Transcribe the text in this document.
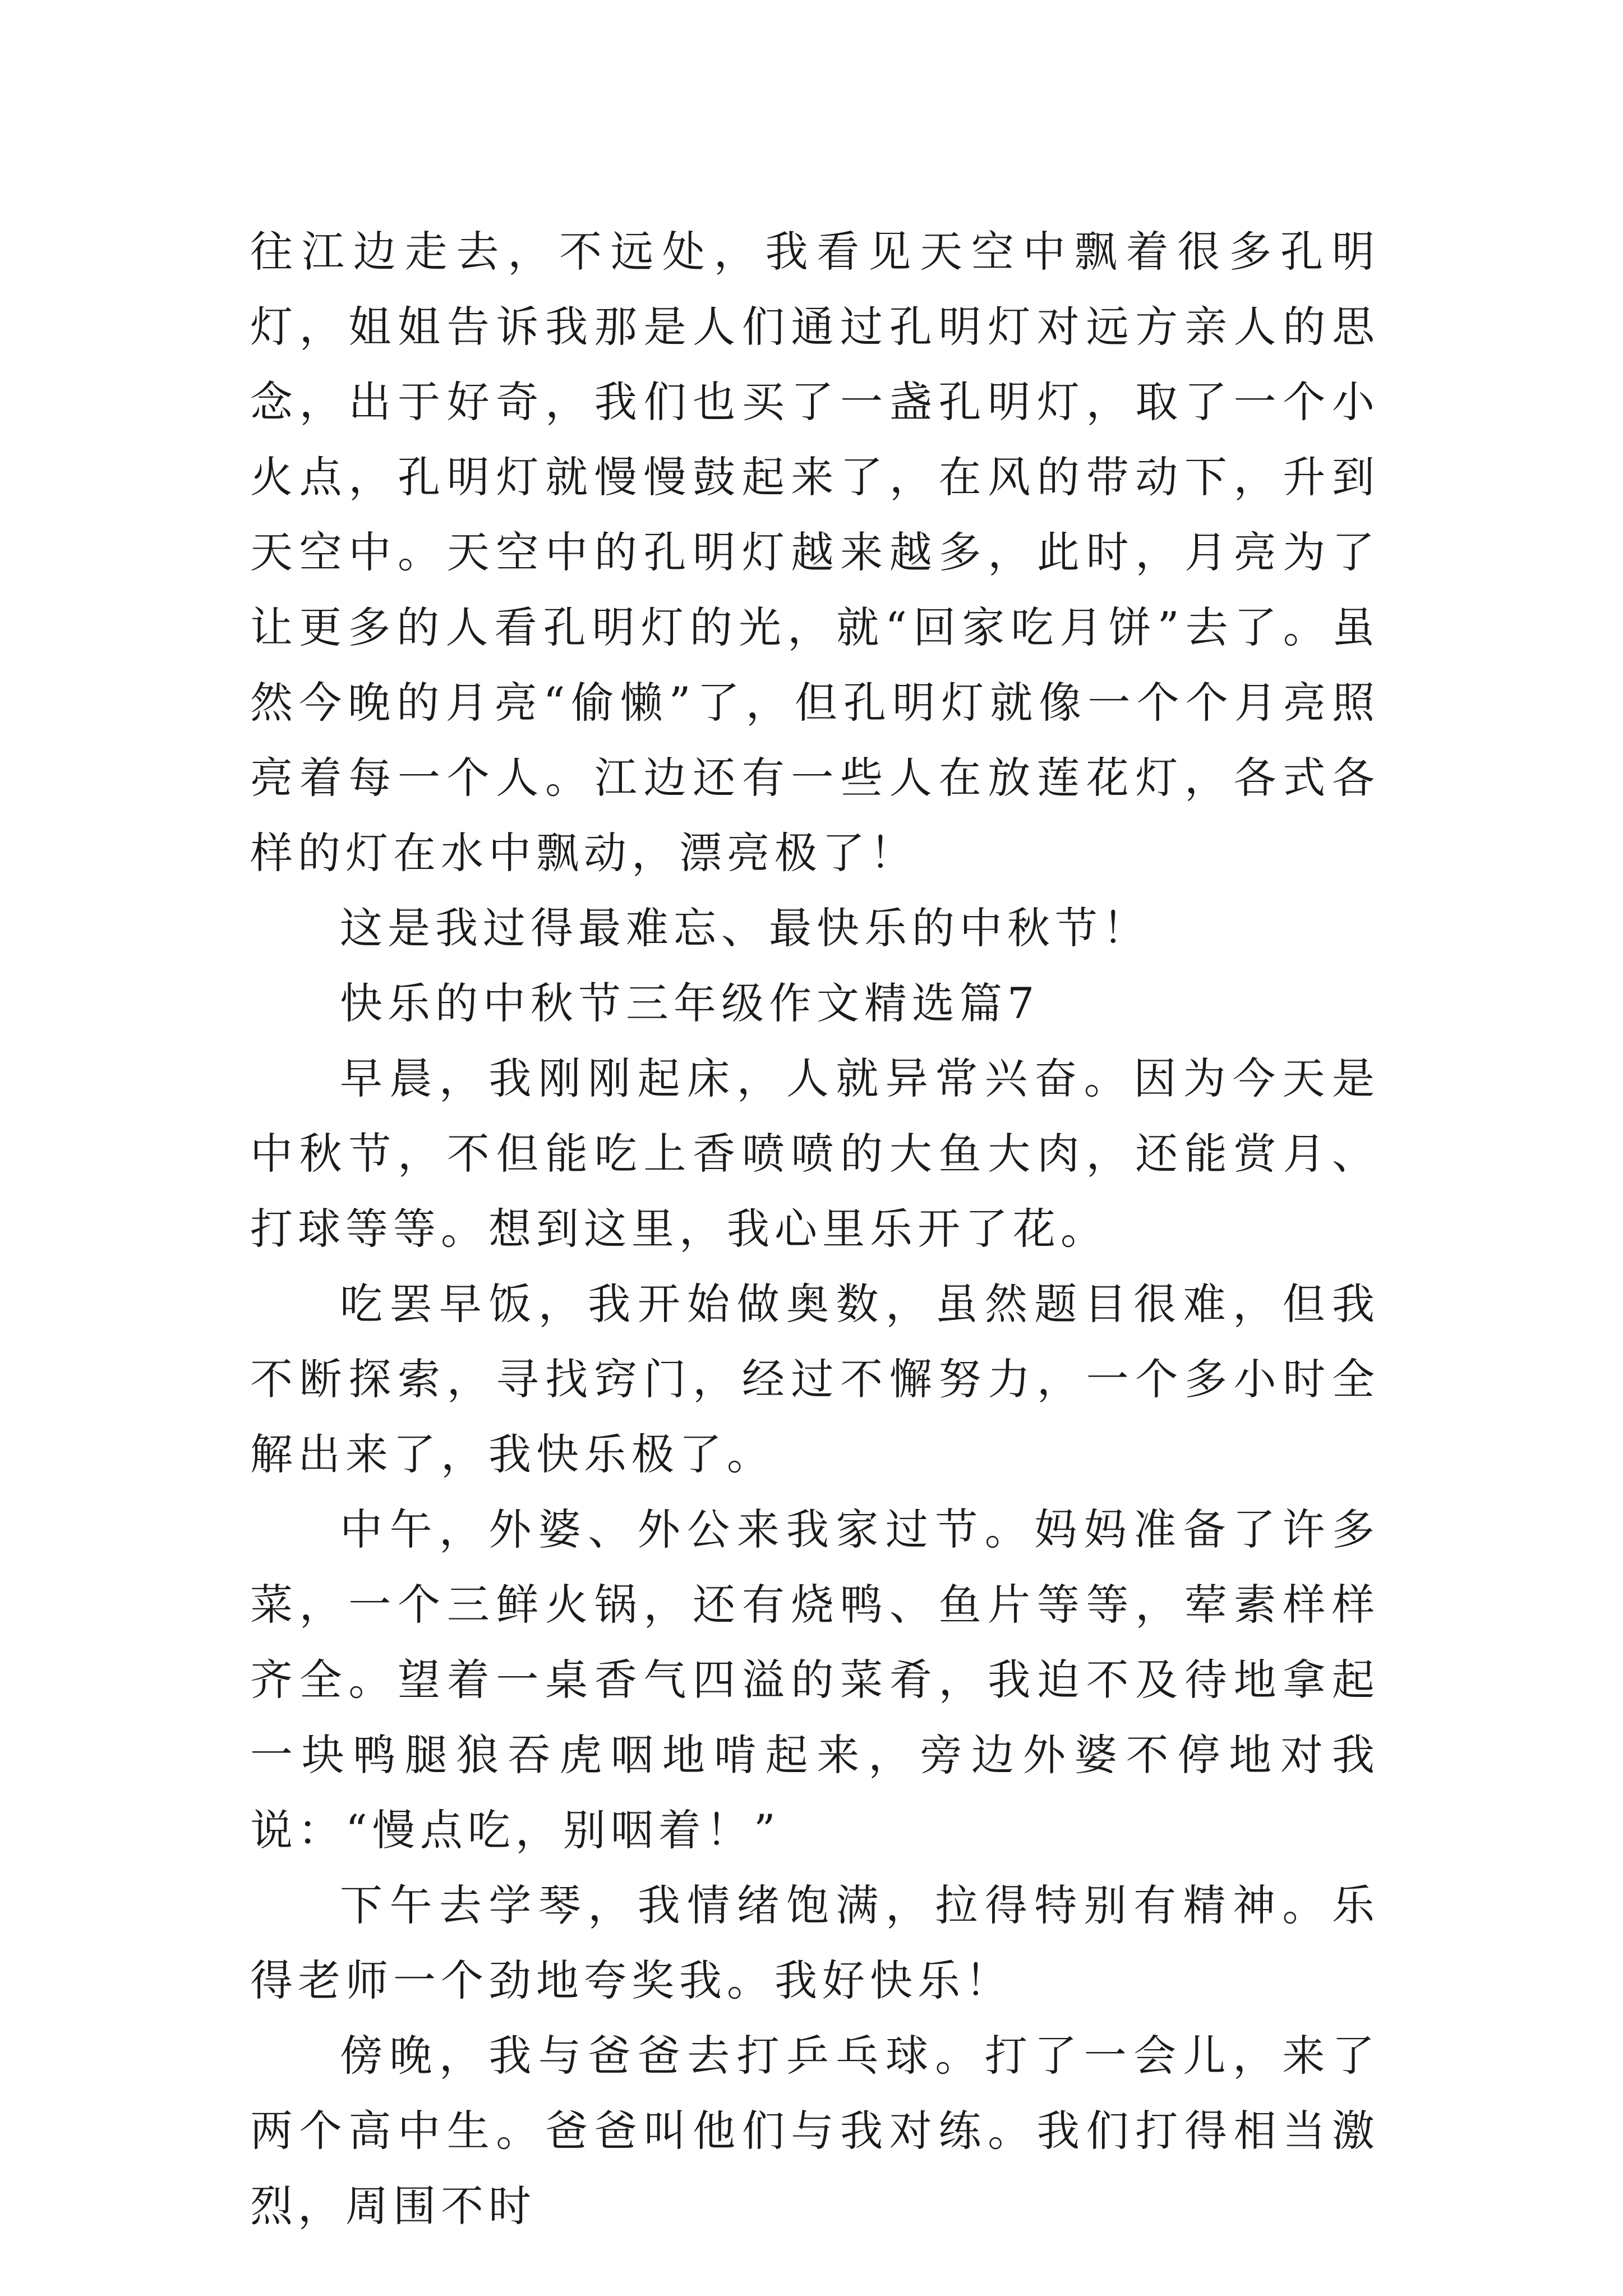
往江边走去，不远处，我看见天空中飘着很多孔明灯，姐姐告诉我那是人们通过孔明灯对远方亲人的思念，出于好奇，我们也买了一盏孔明灯，取了一个小火点，孔明灯就慢慢鼓起来了，在风的带动下，升到天空中。天空中的孔明灯越来越多，此时，月亮为了让更多的人看孔明灯的光，就“回家吃月饼”去了。虽然今晚的月亮“偷懒”了，但孔明灯就像一个个月亮照亮着每一个人。江边还有一些人在放莲花灯，各式各样的灯在水中飘动，漂亮极了！

这是我过得最难忘、最快乐的中秋节！

快乐的中秋节三年级作文精选篇7

早晨，我刚刚起床，人就异常兴奋。因为今天是中秋节，不但能吃上香喷喷的大鱼大肉，还能赏月、打球等等。想到这里，我心里乐开了花。

吃罢早饭，我开始做奥数，虽然题目很难，但我不断探索，寻找窍门，经过不懈努力，一个多小时全解出来了，我快乐极了。

中午，外婆、外公来我家过节。妈妈准备了许多菜，一个三鲜火锅，还有烧鸭、鱼片等等，荤素样样齐全。望着一桌香气四溢的菜肴，我迫不及待地拿起一块鸭腿狼吞虎咽地啃起来，旁边外婆不停地对我说：“慢点吃，别咽着！”

下午去学琴，我情绪饱满，拉得特别有精神。乐得老师一个劲地夸奖我。我好快乐！

傍晚，我与爸爸去打乒乓球。打了一会儿，来了两个高中生。爸爸叫他们与我对练。我们打得相当激烈，周围不时
